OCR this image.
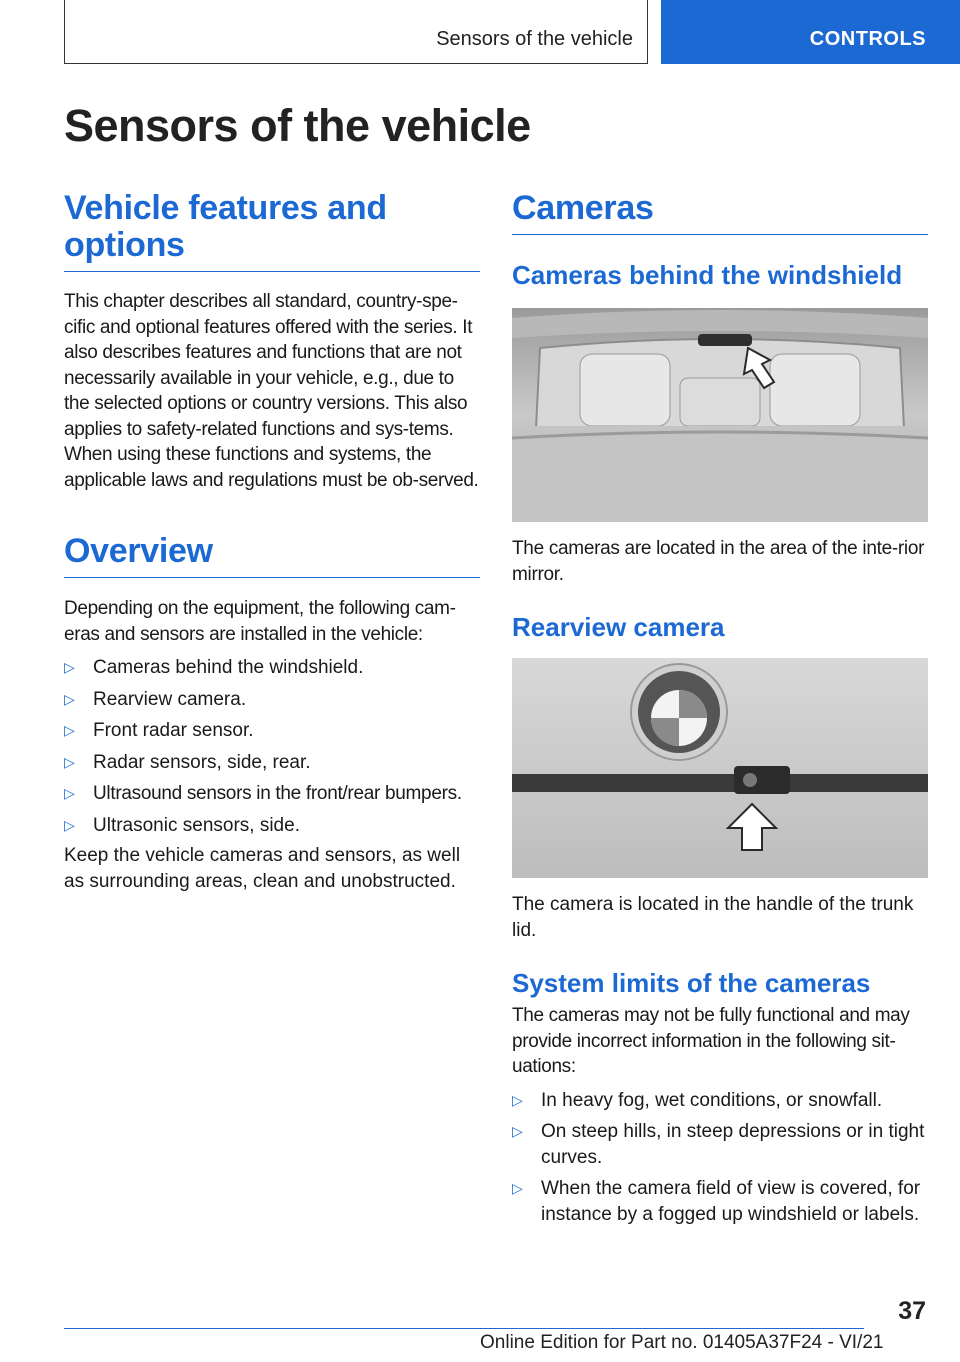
Sensors of the vehicle	CONTROLS
Sensors of the vehicle
Vehicle features and options

This chapter describes all standard, country-spe-cific and optional features offered with the series. It also describes features and functions that are not necessarily available in your vehicle, e.g., due to the selected options or country versions. This also applies to safety-related functions and sys-tems. When using these functions and systems, the applicable laws and regulations must be ob-served.

Overview

Depending on the equipment, the following cam-eras and sensors are installed in the vehicle:

▷ Cameras behind the windshield.
▷ Rearview camera.
▷ Front radar sensor.
▷ Radar sensors, side, rear.
▷ Ultrasound sensors in the front/rear bumpers.
▷ Ultrasonic sensors, side.

Keep the vehicle cameras and sensors, as well as surrounding areas, clean and unobstructed.

Cameras
Cameras behind the windshield

The cameras are located in the area of the inte-rior mirror.

Rearview camera

The camera is located in the handle of the trunk lid.

System limits of the cameras

The cameras may not be fully functional and may provide incorrect information in the following sit-uations:

▷ In heavy fog, wet conditions, or snowfall.
▷ On steep hills, in steep depressions or in tight curves.
▷ When the camera field of view is covered, for instance by a fogged up windshield or labels.
37
Online Edition for Part no. 01405A37F24 - VI/21
